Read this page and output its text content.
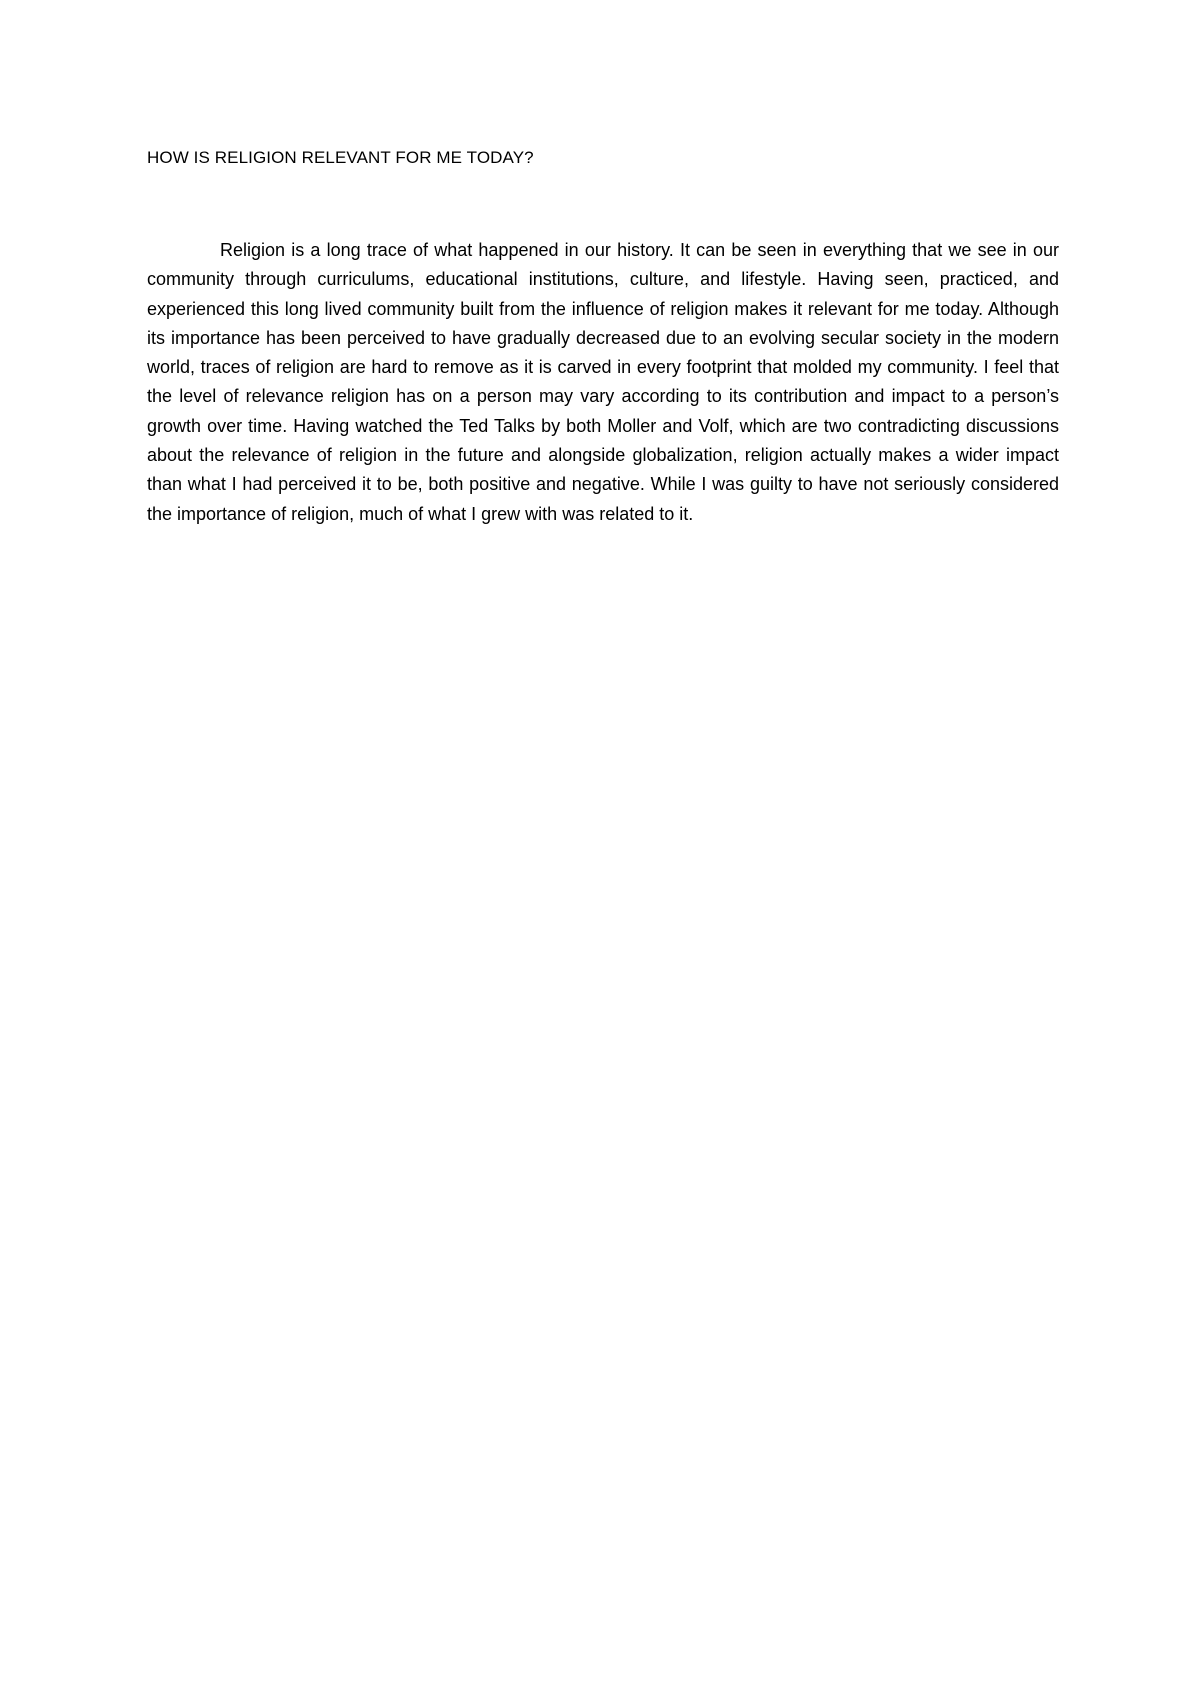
HOW IS RELIGION RELEVANT FOR ME TODAY?

Religion is a long trace of what happened in our history. It can be seen in everything that we see in our community through curriculums, educational institutions, culture, and lifestyle. Having seen, practiced, and experienced this long lived community built from the influence of religion makes it relevant for me today. Although its importance has been perceived to have gradually decreased due to an evolving secular society in the modern world, traces of religion are hard to remove as it is carved in every footprint that molded my community. I feel that the level of relevance religion has on a person may vary according to its contribution and impact to a person’s growth over time. Having watched the Ted Talks by both Moller and Volf, which are two contradicting discussions about the relevance of religion in the future and alongside globalization, religion actually makes a wider impact than what I had perceived it to be, both positive and negative. While I was guilty to have not seriously considered the importance of religion, much of what I grew with was related to it.
